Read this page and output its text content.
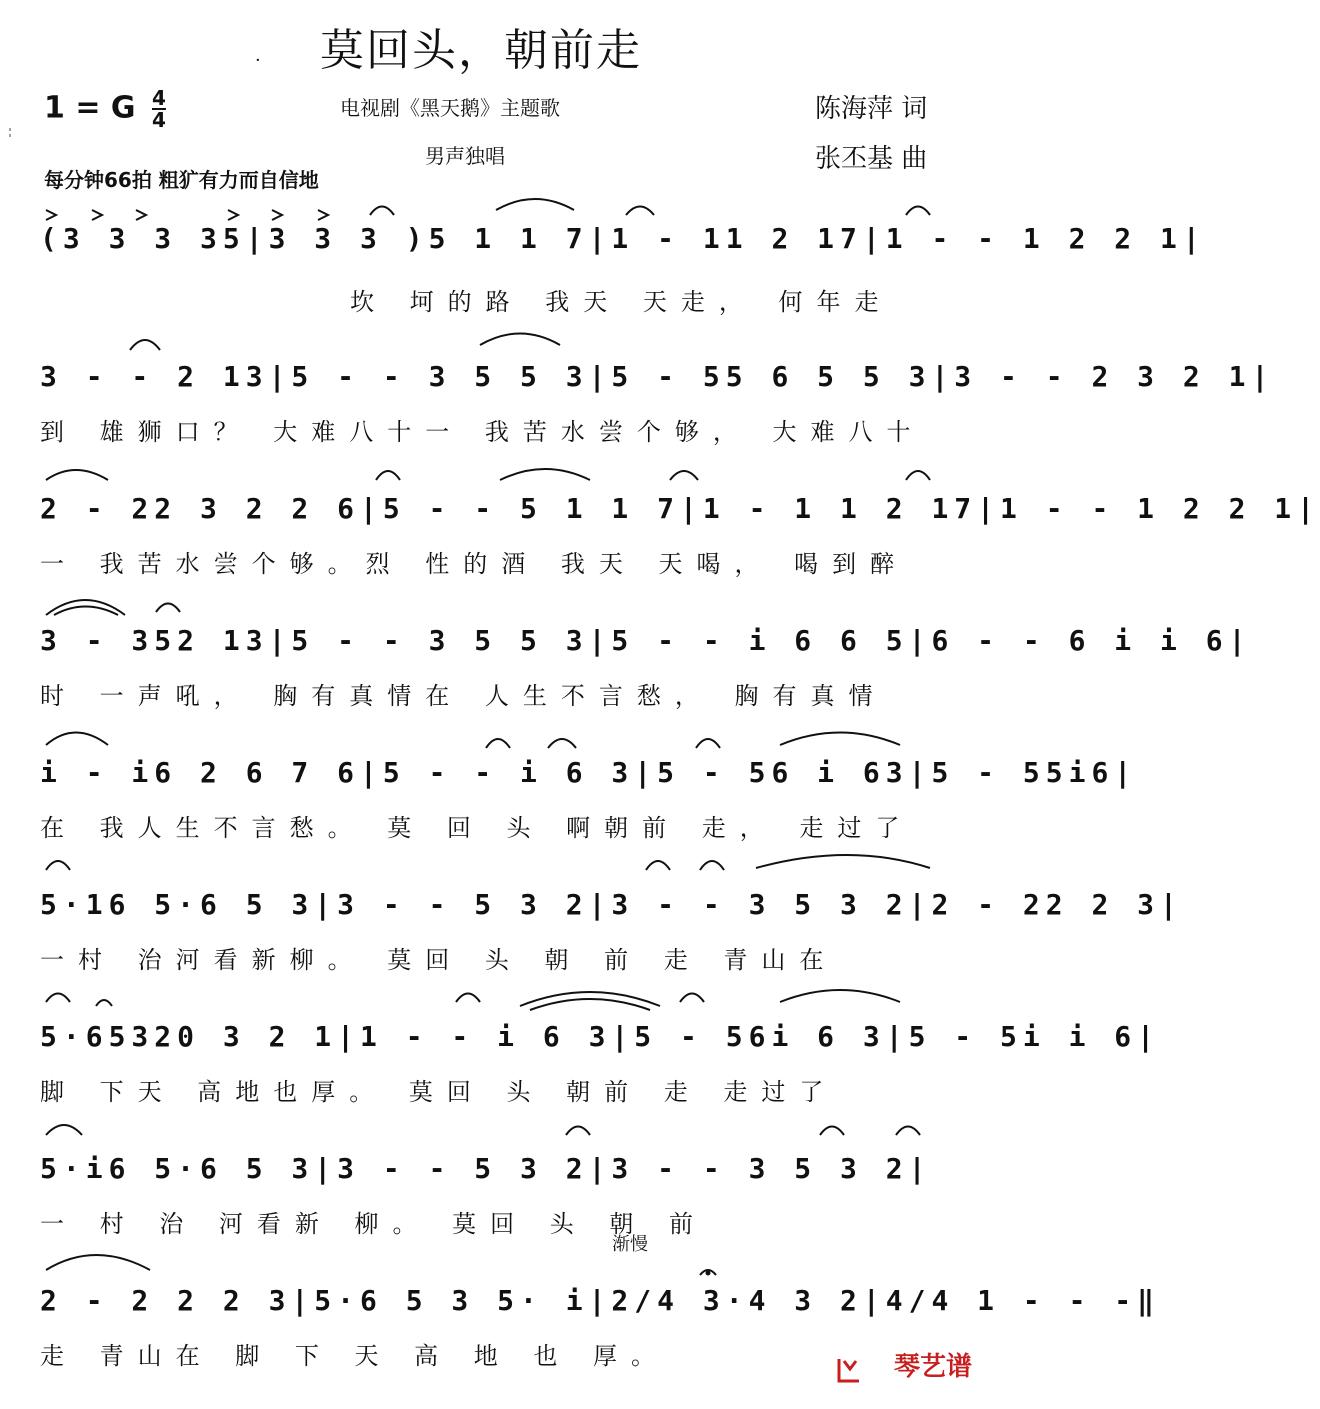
· 莫回头，朝前走
1 = G $\frac{4}{4}$	电视剧《黑天鹅》主题歌
男声独唱
陈海萍 词
张丕基 曲
每分钟66拍 粗犷有力而自信地
(3 3 3 35|3 3 3 )5 1 1 7|1 - 11 2 17|1 - - 1 2 2 1|
坎 坷的路 我天 天走， 何年走
3 - - 2 13|5 - - 3 5 5 3|5 - 55 6 5 5 3|3 - - 2 3 2 1|
到 雄狮口？ 大难八十一 我苦水尝个够， 大难八十
2 - 22 3 2 2 6|5 - - 5 1 1 7|1 - 1 1 2 17|1 - - 1 2 2 1|
一 我苦水尝个够。烈 性的酒 我天 天喝， 喝到醉
3 - 352 13|5 - - 3 5 5 3|5 - - i 6 6 5|6 - - 6 i i 6|
时 一声吼， 胸有真情在 人生不言愁， 胸有真情
i - i6 2 6 7 6|5 - - i 6 3|5 - 56 i 63|5 - 55i6|
在 我人生不言愁。 莫 回 头 啊朝前 走， 走过了
5·16 5·6 5 3|3 - - 5 3 2|3 - - 3 5 3 2|2 - 22 2 3|
一村 治河看新柳。 莫回 头 朝 前 走 青山在
5·65320 3 2 1|1 - - i 6 3|5 - 56i 6 3|5 - 5i i 6|
脚 下天 高地也厚。 莫回 头 朝前 走 走过了
5·i6 5·6 5 3|3 - - 5 3 2|3 - - 3 5 3 2|
一 村 治 河看新 柳。 莫回 头 朝 前
渐慢
2 - 2 2 2 3|5·6 5 3 5· i|2/4 3·4 3 2|4/4 1 - - -‖
走 青山在 脚 下 天 高 地 也 厚。	琴艺谱
